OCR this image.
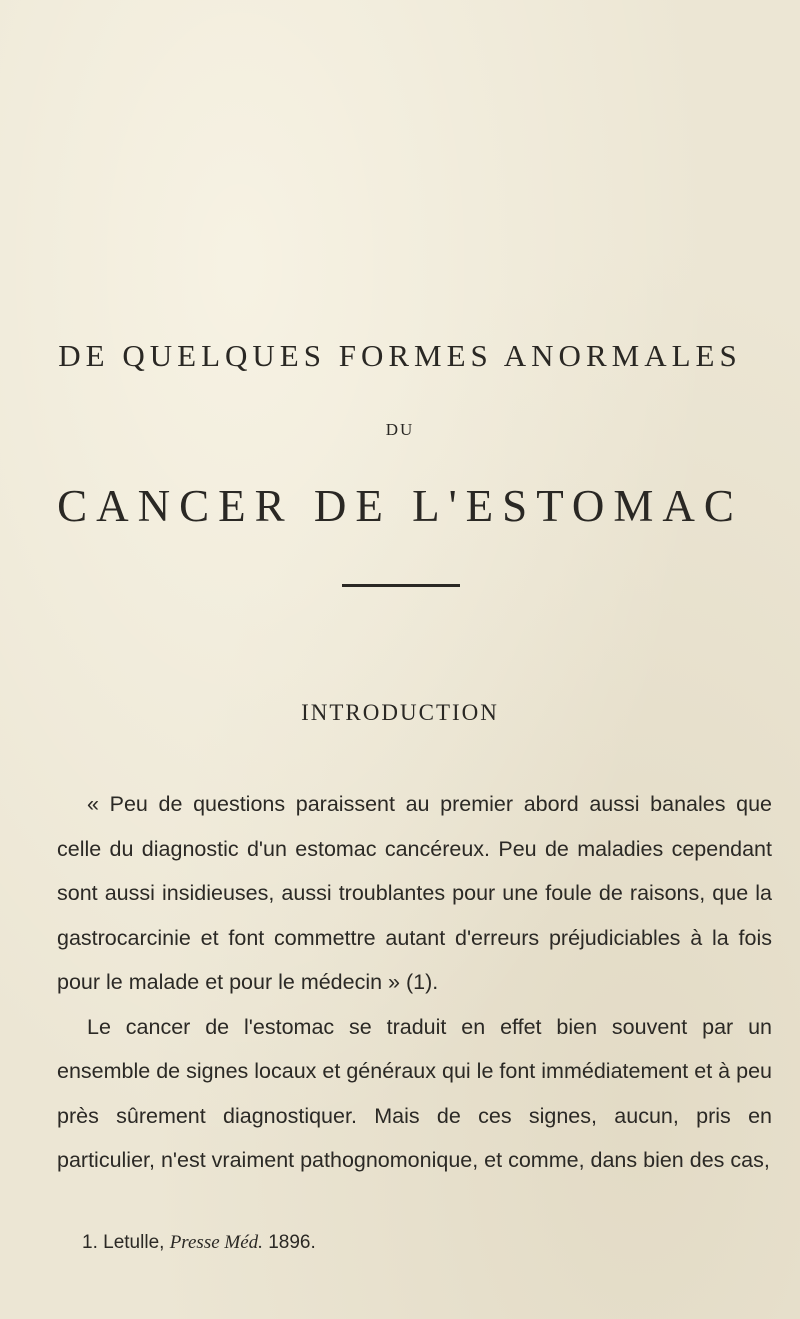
DE QUELQUES FORMES ANORMALES
DU
CANCER DE L'ESTOMAC
INTRODUCTION

« Peu de questions paraissent au premier abord aussi banales que celle du diagnostic d'un estomac cancéreux. Peu de maladies cependant sont aussi insidieuses, aussi troublantes pour une foule de raisons, que la gastrocarcinie et font commettre autant d'erreurs préjudiciables à la fois pour le malade et pour le médecin » (1).

Le cancer de l'estomac se traduit en effet bien souvent par un ensemble de signes locaux et généraux qui le font immédiatement et à peu près sûrement diagnostiquer. Mais de ces signes, aucun, pris en particulier, n'est vraiment pathognomonique, et comme, dans bien des cas,

1. Letulle, Presse Méd. 1896.
